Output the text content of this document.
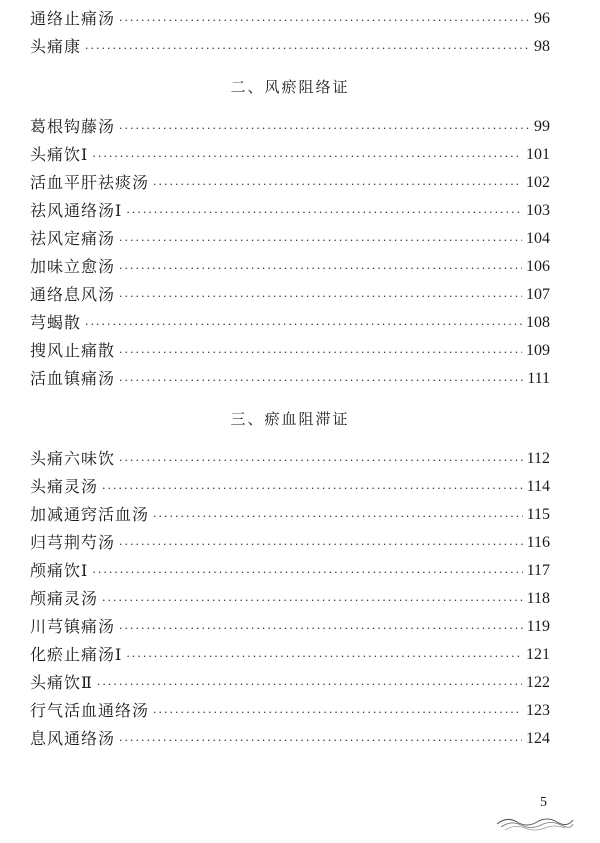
通络止痛汤 ·····	96
头痛康 ·····	98
二、风瘀阻络证
葛根钩藤汤 ·····	99
头痛饮Ⅰ ·····	101
活血平肝祛痰汤 ·····	102
祛风通络汤Ⅰ ·····	103
祛风定痛汤 ·····	104
加味立愈汤 ·····	106
通络息风汤 ·····	107
芎蝎散 ·····	108
搜风止痛散 ·····	109
活血镇痛汤 ·····	111
三、瘀血阻滞证
头痛六味饮 ·····	112
头痛灵汤 ·····	114
加减通窍活血汤 ·····	115
归芎荆芍汤 ·····	116
颅痛饮Ⅰ ·····	117
颅痛灵汤 ·····	118
川芎镇痛汤 ·····	119
化瘀止痛汤Ⅰ ·····	121
头痛饮Ⅱ ·····	122
行气活血通络汤 ·····	123
息风通络汤 ·····	124
5
